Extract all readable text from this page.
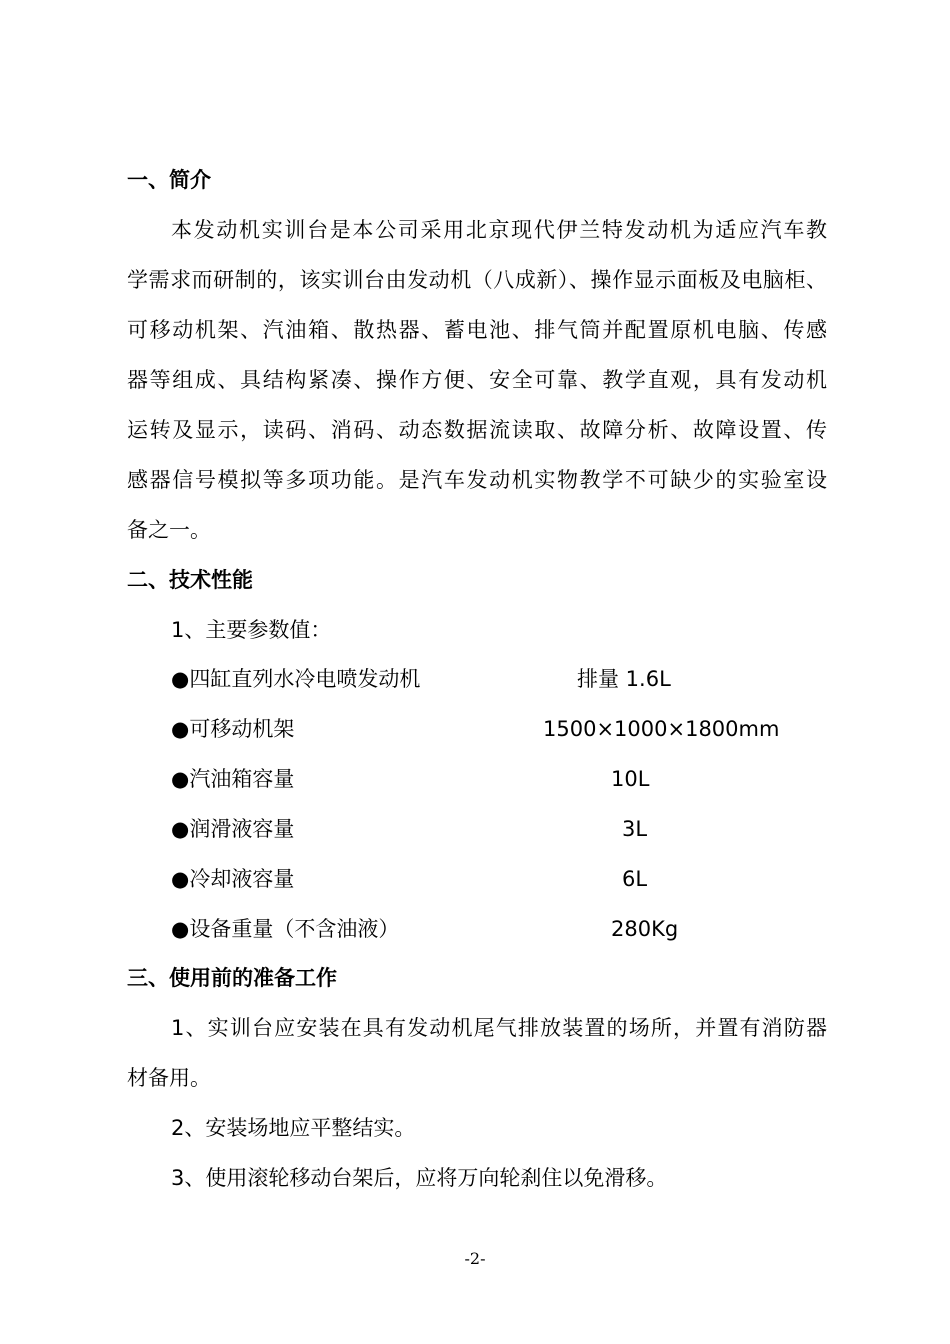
一、简介
本发动机实训台是本公司采用北京现代伊兰特发动机为适应汽车教
学需求而研制的，该实训台由发动机（八成新）、操作显示面板及电脑柜、
可移动机架、汽油箱、散热器、蓄电池、排气筒并配置原机电脑、传感
器等组成、具结构紧凑、操作方便、安全可靠、教学直观，具有发动机
运转及显示，读码、消码、动态数据流读取、故障分析、故障设置、传
感器信号模拟等多项功能。是汽车发动机实物教学不可缺少的实验室设
备之一。
二、技术性能
1、主要参数值：
●四缸直列水冷电喷发动机	排量 1.6L
●可移动机架	1500×1000×1800mm
●汽油箱容量	10L
●润滑液容量	3L
●冷却液容量	6L
●设备重量（不含油液）	280Kg
三、使用前的准备工作
1、实训台应安装在具有发动机尾气排放装置的场所，并置有消防器
材备用。
2、安装场地应平整结实。
3、使用滚轮移动台架后，应将万向轮刹住以免滑移。
-2-
